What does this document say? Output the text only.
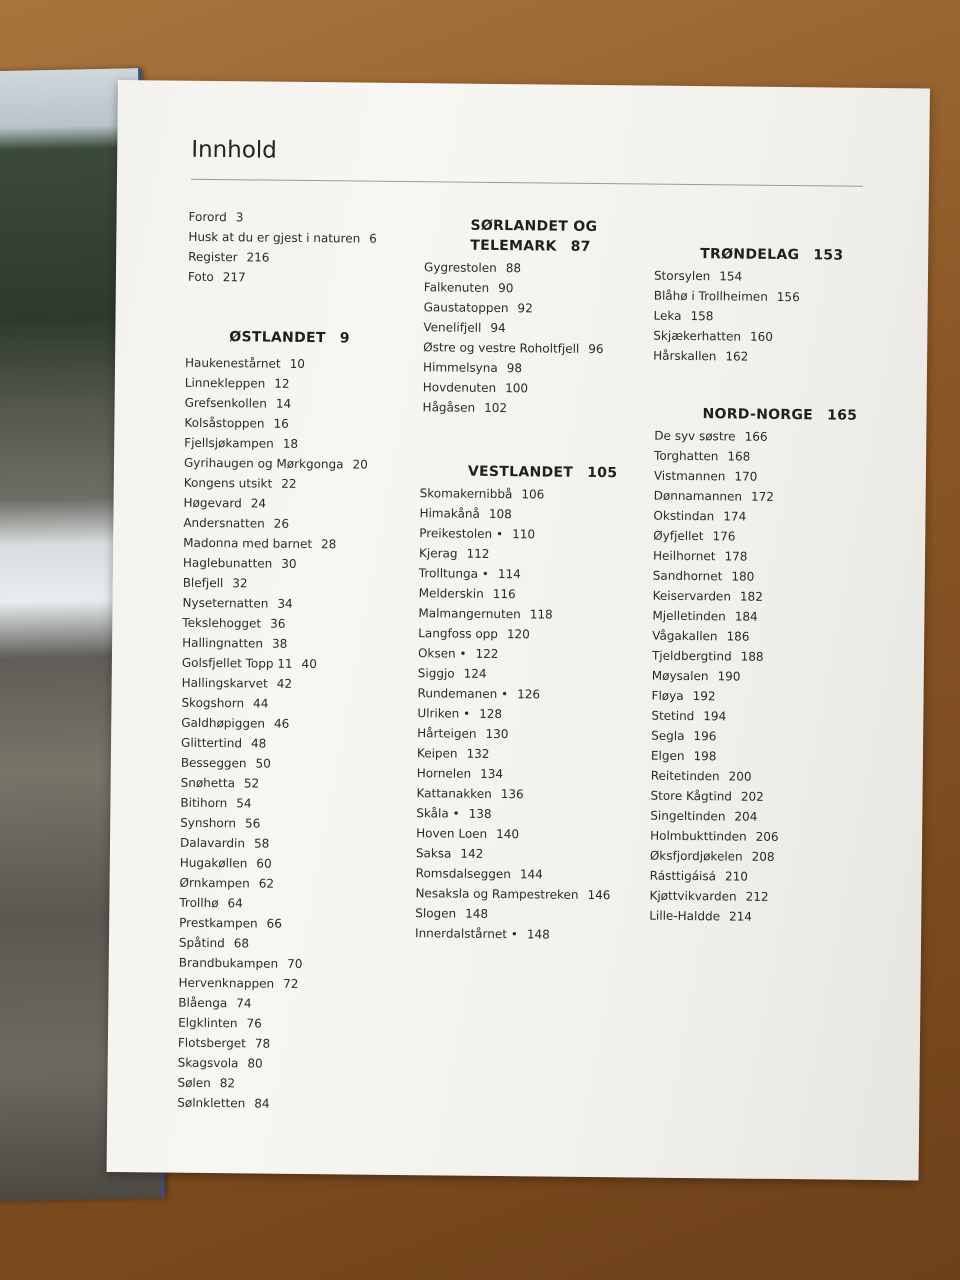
Innhold
Forord 3
Husk at du er gjest i naturen 6
Register 216
Foto 217
ØSTLANDET 9
Haukenestårnet 10
Linnekleppen 12
Grefsenkollen 14
Kolsåstoppen 16
Fjellsjøkampen 18
Gyrihaugen og Mørkgonga 20
Kongens utsikt 22
Høgevard 24
Andersnatten 26
Madonna med barnet 28
Haglebunatten 30
Blefjell 32
Nyseternatten 34
Tekslehogget 36
Hallingnatten 38
Golsfjellet Topp 11 40
Hallingskarvet 42
Skogshorn 44
Galdhøpiggen 46
Glittertind 48
Besseggen 50
Snøhetta 52
Bitihorn 54
Synshorn 56
Dalavardin 58
Hugakøllen 60
Ørnkampen 62
Trollhø 64
Prestkampen 66
Spåtind 68
Brandbukampen 70
Hervenknappen 72
Blåenga 74
Elgklinten 76
Flotsberget 78
Skagsvola 80
Sølen 82
Sølnkletten 84
SØRLANDET OG
TELEMARK 87
Gygrestolen 88
Falkenuten 90
Gaustatoppen 92
Venelifjell 94
Østre og vestre Roholtfjell 96
Himmelsyna 98
Hovdenuten 100
Hågåsen 102
VESTLANDET 105
Skomakernibbå 106
Himakånå 108
Preikestolen • 110
Kjerag 112
Trolltunga • 114
Melderskin 116
Malmangernuten 118
Langfoss opp 120
Oksen • 122
Siggjo 124
Rundemanen • 126
Ulriken • 128
Hårteigen 130
Keipen 132
Hornelen 134
Kattanakken 136
Skåla • 138
Hoven Loen 140
Saksa 142
Romsdalseggen 144
Nesaksla og Rampestreken 146
Slogen 148
Innerdalstårnet • 148
TRØNDELAG 153
Storsylen 154
Blåhø i Trollheimen 156
Leka 158
Skjækerhatten 160
Hårskallen 162
NORD-NORGE 165
De syv søstre 166
Torghatten 168
Vistmannen 170
Dønnamannen 172
Okstindan 174
Øyfjellet 176
Heilhornet 178
Sandhornet 180
Keiservarden 182
Mjelletinden 184
Vågakallen 186
Tjeldbergtind 188
Møysalen 190
Fløya 192
Stetind 194
Segla 196
Elgen 198
Reitetinden 200
Store Kågtind 202
Singeltinden 204
Holmbukttinden 206
Øksfjordjøkelen 208
Rásttigáisá 210
Kjøttvikvarden 212
Lille-Haldde 214
